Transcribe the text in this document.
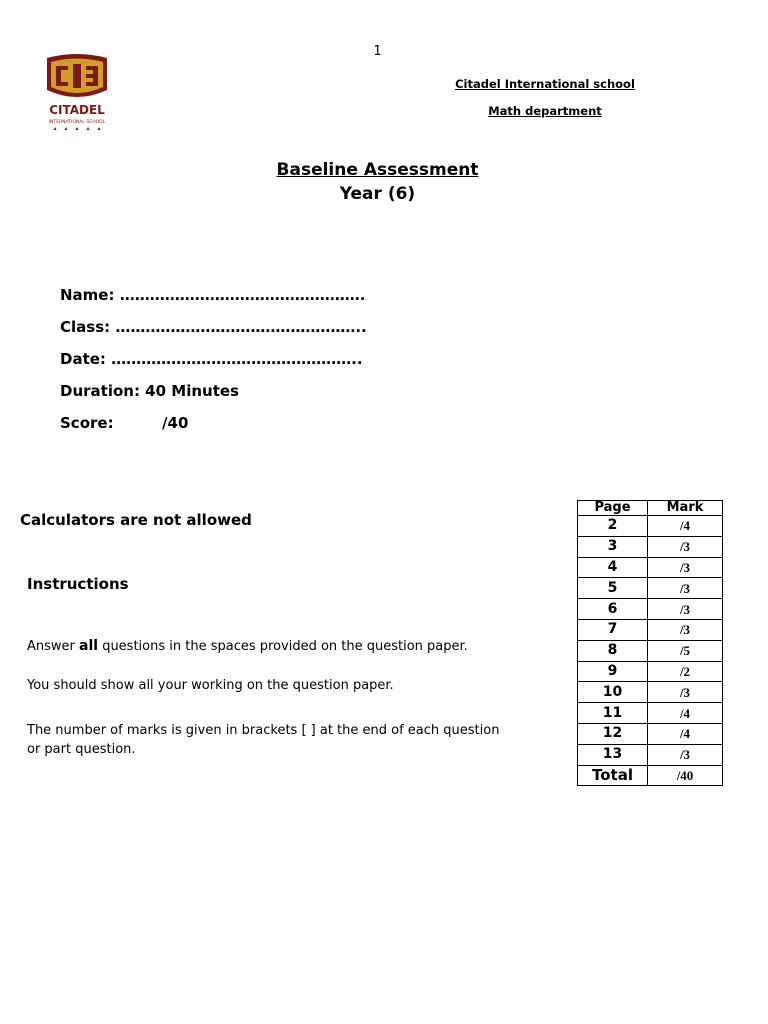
1
CITADEL
INTERNATIONAL SCHOOL
Citadel International school
Math department
Baseline Assessment
Year (6)
Name: ………………………………………….
Class: …………………………………………..
Date: …………………………………………..
Duration: 40 Minutes
Score:	/40
Calculators are not allowed
Instructions
Answer all questions in the spaces provided on the question paper.
You should show all your working on the question paper.
The number of marks is given in brackets [ ] at the end of each question or part question.
Page	Mark
2	/4
3	/3
4	/3
5	/3
6	/3
7	/3
8	/5
9	/2
10	/3
11	/4
12	/4
13	/3
Total	/40
